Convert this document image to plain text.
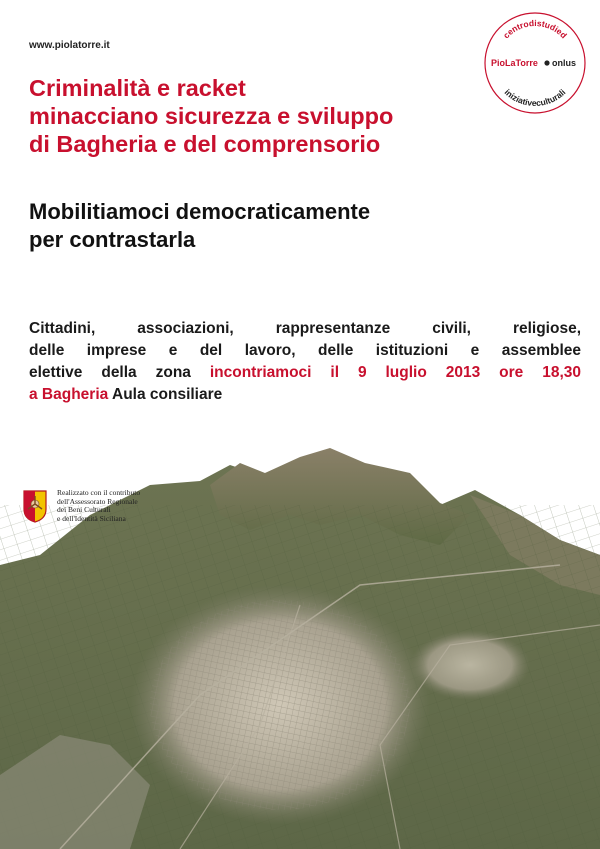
www.piolatorre.it
centrodistudied
iniziativeculturali
PioLaTorre onlus
Criminalità e racket
minacciano sicurezza e sviluppo
di Bagheria e del comprensorio
Mobilitiamoci democraticamente
per contrastarla

Cittadini, associazioni, rappresentanze civili, religiose,
delle imprese e del lavoro, delle istituzioni e assemblee
elettive della zona incontriamoci il 9 luglio 2013 ore 18,30
a Bagheria Aula consiliare

Realizzato con il contributo
dell'Assessorato Regionale
dei Beni Culturali
e dell'Identità Siciliana
